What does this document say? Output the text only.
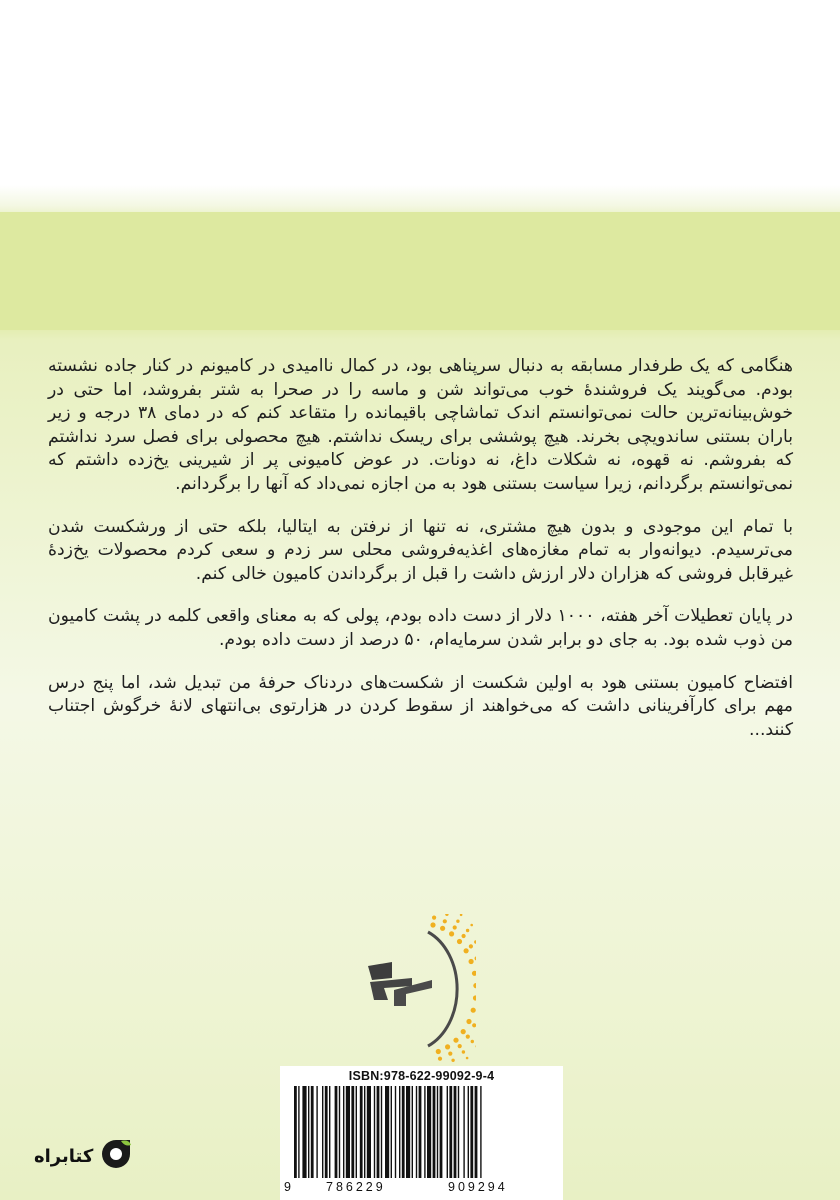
هنگامی که یک طرفدار مسابقه به دنبال سرپناهی بود، در کمال ناامیدی در کامیونم در کنار جاده نشسته بودم. می‌گویند یک فروشندهٔ خوب می‌تواند شن و ماسه را در صحرا به شتر بفروشد، اما حتی در خوش‌بینانه‌ترین حالت نمی‌توانستم اندک تماشاچی باقیمانده را متقاعد کنم که در دمای ۳۸ درجه و زیر باران بستنی ساندویچی بخرند. هیچ پوششی برای ریسک نداشتم. هیچ محصولی برای فصل سرد نداشتم که بفروشم. نه قهوه، نه شکلات داغ، نه دونات. در عوض کامیونی پر از شیرینی یخ‌زده داشتم که نمی‌توانستم برگردانم، زیرا سیاست بستنی هود به من اجازه نمی‌داد که آنها را برگردانم.

با تمام این موجودی و بدون هیچ مشتری، نه تنها از نرفتن به ایتالیا، بلکه حتی از ورشکست شدن می‌ترسیدم. دیوانه‌وار به تمام مغازه‌های اغذیه‌فروشی محلی سر زدم و سعی کردم محصولات یخ‌زدهٔ غیرقابل فروشی که هزاران دلار ارزش داشت را قبل از برگرداندن کامیون خالی کنم.

در پایان تعطیلات آخر هفته، ۱۰۰۰ دلار از دست داده بودم، پولی که به معنای واقعی کلمه در پشت کامیون من ذوب شده بود. به جای دو برابر شدن سرمایه‌ام، ۵۰ درصد از دست داده بودم.

افتضاح کامیون بستنی هود به اولین شکست از شکست‌های دردناک حرفهٔ من تبدیل شد، اما پنج درس مهم برای کارآفرینانی داشت که می‌خواهند از سقوط کردن در هزارتوی بی‌انتهای لانهٔ خرگوش اجتناب کنند...

ISBN:978-622-99092-9-4
9	786229	909294
کتابراه
